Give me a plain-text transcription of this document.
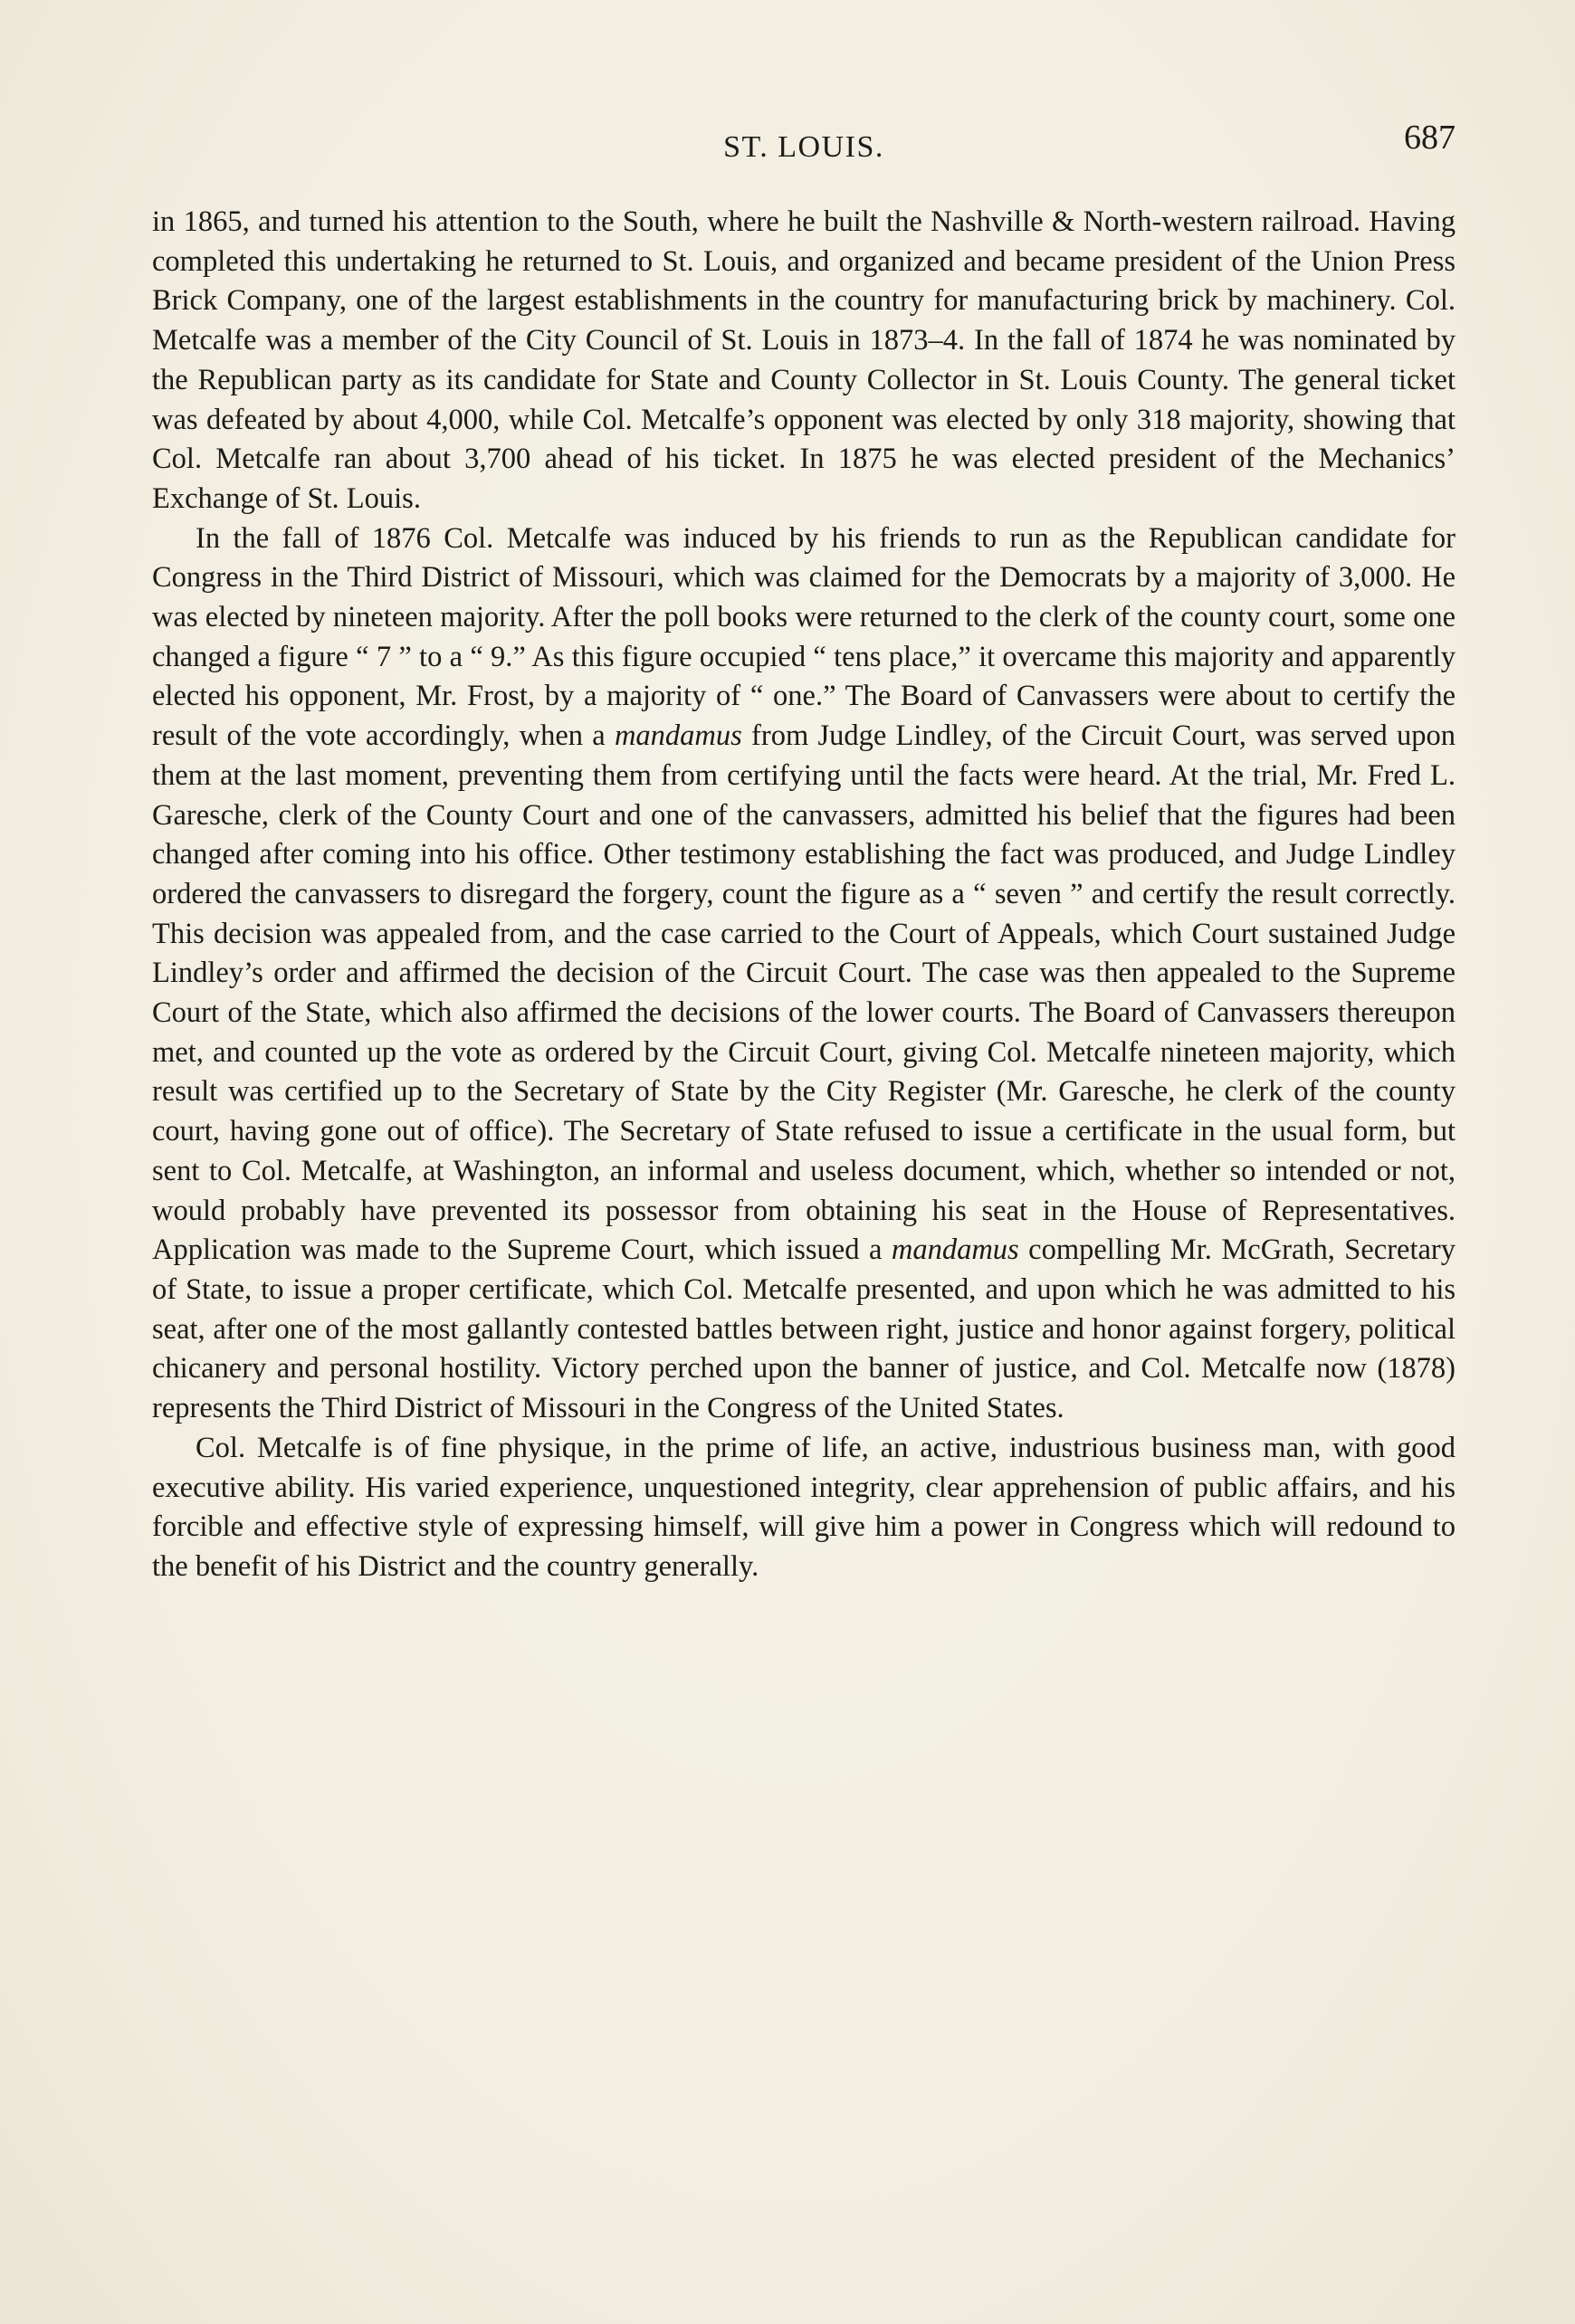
ST. LOUIS.	687

in 1865, and turned his attention to the South, where he built the Nashville & North-western railroad. Having completed this undertaking he returned to St. Louis, and organized and became president of the Union Press Brick Company, one of the largest establishments in the country for manufacturing brick by machinery. Col. Metcalfe was a member of the City Council of St. Louis in 1873–4. In the fall of 1874 he was nominated by the Republican party as its candidate for State and County Collector in St. Louis County. The general ticket was defeated by about 4,000, while Col. Metcalfe’s opponent was elected by only 318 majority, showing that Col. Metcalfe ran about 3,700 ahead of his ticket. In 1875 he was elected president of the Mechanics’ Exchange of St. Louis.

In the fall of 1876 Col. Metcalfe was induced by his friends to run as the Republican candidate for Congress in the Third District of Missouri, which was claimed for the Democrats by a majority of 3,000. He was elected by nineteen majority. After the poll books were returned to the clerk of the county court, some one changed a figure “ 7 ” to a “ 9.” As this figure occupied “ tens place,” it overcame this majority and apparently elected his opponent, Mr. Frost, by a majority of “ one.” The Board of Canvassers were about to certify the result of the vote accordingly, when a mandamus from Judge Lindley, of the Circuit Court, was served upon them at the last moment, preventing them from certifying until the facts were heard. At the trial, Mr. Fred L. Garesche, clerk of the County Court and one of the canvassers, admitted his belief that the figures had been changed after coming into his office. Other testimony establishing the fact was produced, and Judge Lindley ordered the canvassers to disregard the forgery, count the figure as a “ seven ” and certify the result correctly. This decision was appealed from, and the case carried to the Court of Appeals, which Court sustained Judge Lindley’s order and affirmed the decision of the Circuit Court. The case was then appealed to the Supreme Court of the State, which also affirmed the decisions of the lower courts. The Board of Canvassers thereupon met, and counted up the vote as ordered by the Circuit Court, giving Col. Metcalfe nineteen majority, which result was certified up to the Secretary of State by the City Register (Mr. Garesche, he clerk of the county court, having gone out of office). The Secretary of State refused to issue a certificate in the usual form, but sent to Col. Metcalfe, at Washington, an informal and useless document, which, whether so intended or not, would probably have prevented its possessor from obtaining his seat in the House of Representatives. Application was made to the Supreme Court, which issued a mandamus compelling Mr. McGrath, Secretary of State, to issue a proper certificate, which Col. Metcalfe presented, and upon which he was admitted to his seat, after one of the most gallantly contested battles between right, justice and honor against forgery, political chicanery and personal hostility. Victory perched upon the banner of justice, and Col. Metcalfe now (1878) represents the Third District of Missouri in the Congress of the United States.

Col. Metcalfe is of fine physique, in the prime of life, an active, industrious business man, with good executive ability. His varied experience, unquestioned integrity, clear apprehension of public affairs, and his forcible and effective style of expressing himself, will give him a power in Congress which will redound to the benefit of his District and the country generally.
